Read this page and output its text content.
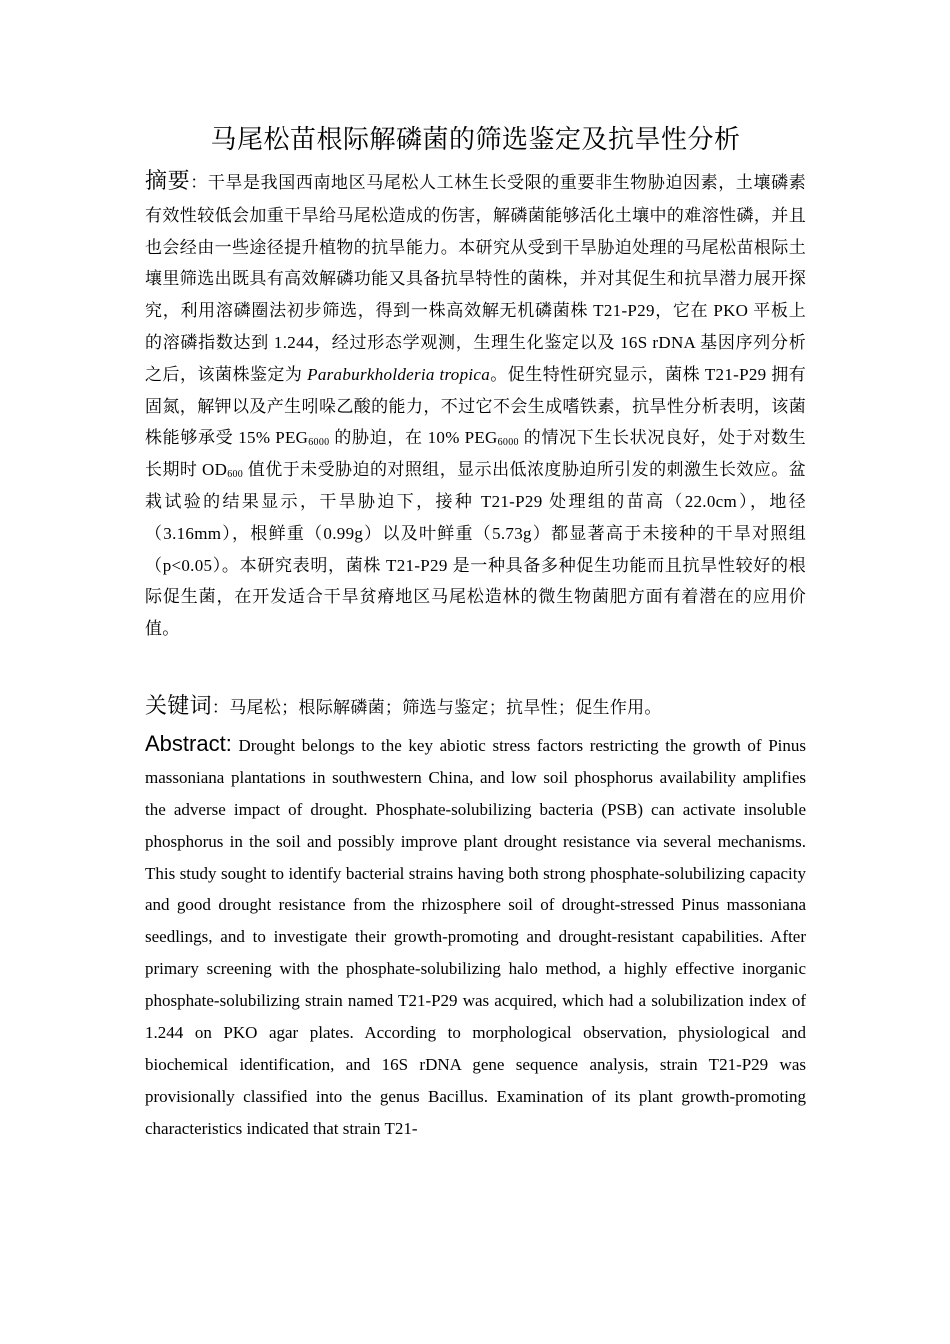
马尾松苗根际解磷菌的筛选鉴定及抗旱性分析

摘要：干旱是我国西南地区马尾松人工林生长受限的重要非生物胁迫因素，土壤磷素有效性较低会加重干旱给马尾松造成的伤害，解磷菌能够活化土壤中的难溶性磷，并且也会经由一些途径提升植物的抗旱能力。本研究从受到干旱胁迫处理的马尾松苗根际土壤里筛选出既具有高效解磷功能又具备抗旱特性的菌株，并对其促生和抗旱潜力展开探究，利用溶磷圈法初步筛选，得到一株高效解无机磷菌株 T21-P29，它在 PKO 平板上的溶磷指数达到 1.244，经过形态学观测，生理生化鉴定以及 16S rDNA 基因序列分析之后，该菌株鉴定为 Paraburkholderia tropica。促生特性研究显示，菌株 T21-P29 拥有固氮，解钾以及产生吲哚乙酸的能力，不过它不会生成嗜铁素，抗旱性分析表明，该菌株能够承受 15% $PEG_{6000}$ 的胁迫，在 10% $PEG_{6000}$ 的情况下生长状况良好，处于对数生长期时 $OD_{600}$ 值优于未受胁迫的对照组，显示出低浓度胁迫所引发的刺激生长效应。盆栽试验的结果显示，干旱胁迫下，接种 T21-P29 处理组的苗高（22.0cm），地径（3.16mm），根鲜重（0.99g）以及叶鲜重（5.73g）都显著高于未接种的干旱对照组（p<0.05）。本研究表明，菌株 T21-P29 是一种具备多种促生功能而且抗旱性较好的根际促生菌，在开发适合干旱贫瘠地区马尾松造林的微生物菌肥方面有着潜在的应用价值。

关键词：马尾松；根际解磷菌；筛选与鉴定；抗旱性；促生作用。

Abstract: Drought belongs to the key abiotic stress factors restricting the growth of Pinus massoniana plantations in southwestern China, and low soil phosphorus availability amplifies the adverse impact of drought. Phosphate-solubilizing bacteria (PSB) can activate insoluble phosphorus in the soil and possibly improve plant drought resistance via several mechanisms. This study sought to identify bacterial strains having both strong phosphate-solubilizing capacity and good drought resistance from the rhizosphere soil of drought-stressed Pinus massoniana seedlings, and to investigate their growth-promoting and drought-resistant capabilities. After primary screening with the phosphate-solubilizing halo method, a highly effective inorganic phosphate-solubilizing strain named T21-P29 was acquired, which had a solubilization index of 1.244 on PKO agar plates. According to morphological observation, physiological and biochemical identification, and 16S rDNA gene sequence analysis, strain T21-P29 was provisionally classified into the genus Bacillus. Examination of its plant growth-promoting characteristics indicated that strain T21-
